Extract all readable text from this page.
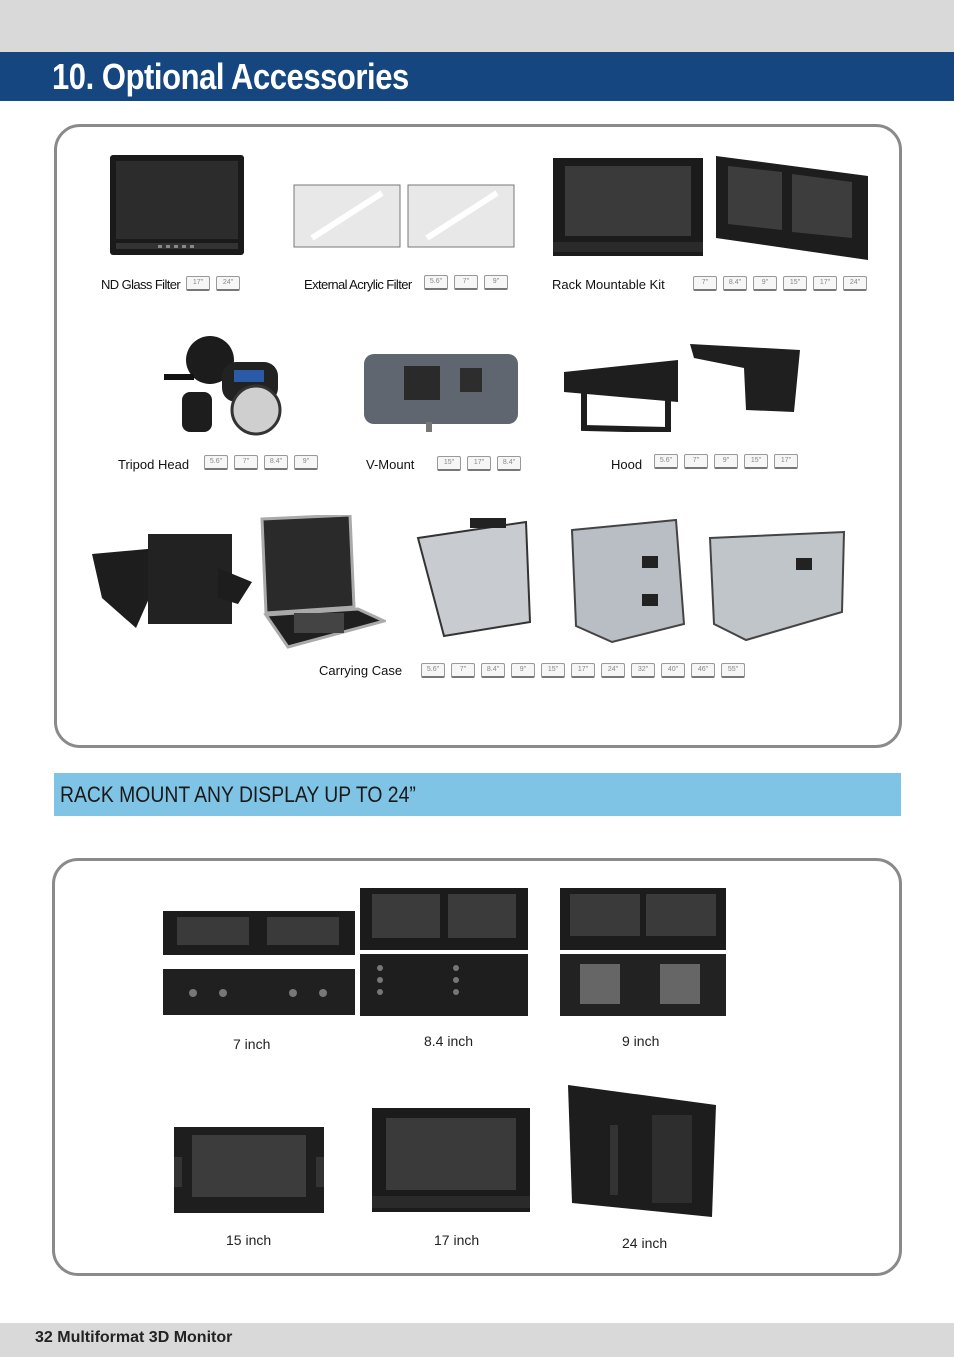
10. Optional Accessories
ND Glass Filter	17"	24"	External Acrylic Filter	5.6"	7"	9"	Rack Mountable Kit	7"	8.4"	9"	15"	17"	24"
Tripod Head	5.6"	7"	8.4"	9"	V-Mount	15"	17"	8.4"	Hood	5.6"	7"	9"	15"	17"
Carrying Case	5.6"	7"	8.4"	9"	15"	17"	24"	32"	40"	46"	55"
RACK MOUNT ANY DISPLAY UP TO 24”
7 inch	8.4 inch	9 inch
15 inch	17 inch	24 inch
32 Multiformat 3D Monitor
